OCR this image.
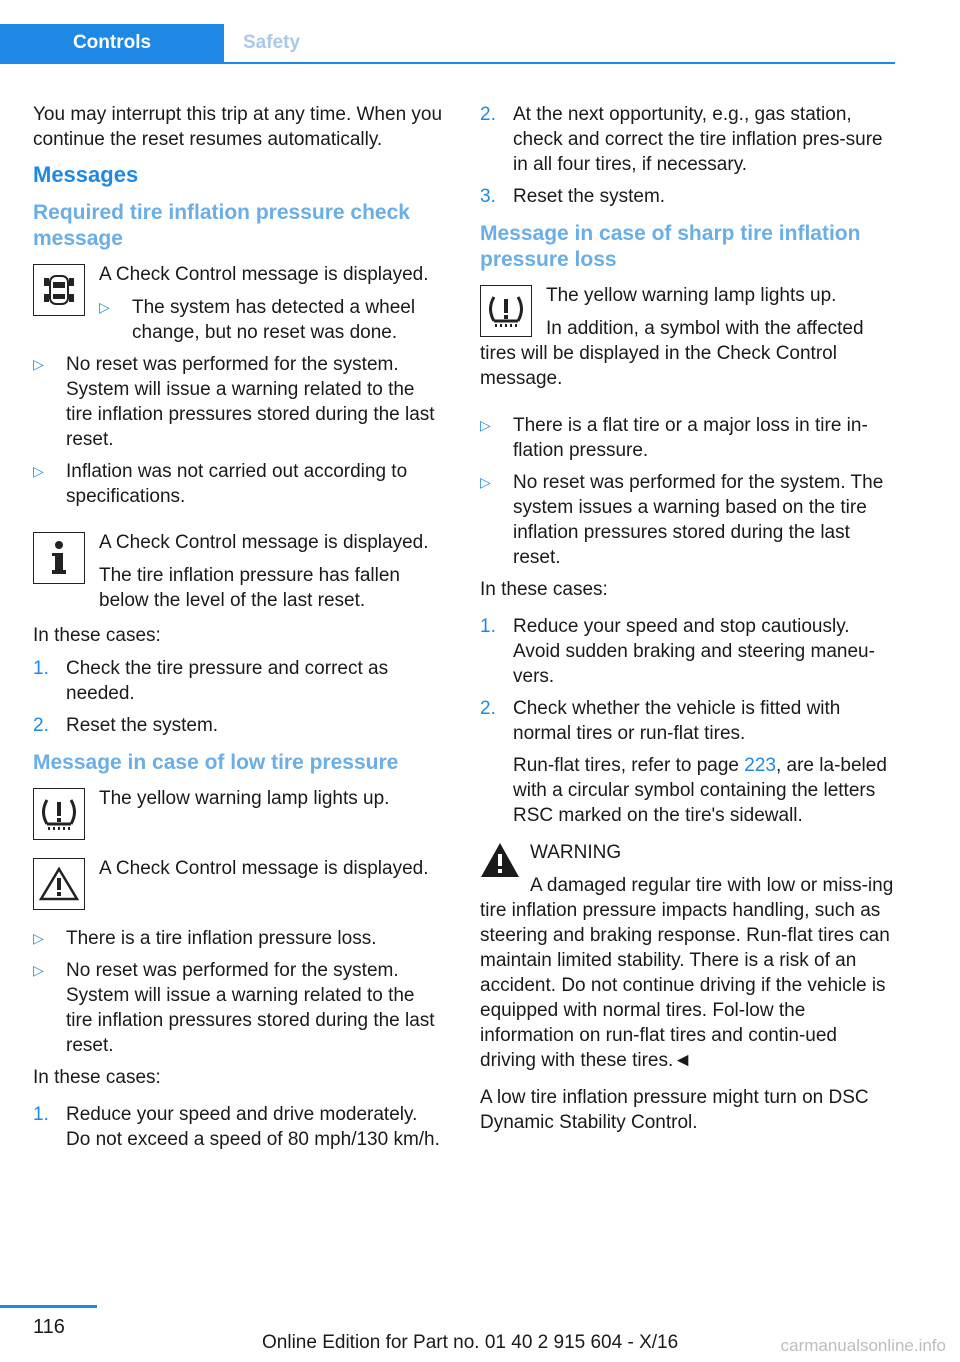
Controls	Safety

You may interrupt this trip at any time. When you continue the reset resumes automatically.

Messages
Required tire inflation pressure check message

A Check Control message is displayed.

▷ The system has detected a wheel change, but no reset was done.
▷ No reset was performed for the system. System will issue a warning related to the tire inflation pressures stored during the last reset.
▷ Inflation was not carried out according to specifications.

A Check Control message is displayed.

The tire inflation pressure has fallen below the level of the last reset.

In these cases:

1. Check the tire pressure and correct as needed.
2. Reset the system.
Message in case of low tire pressure

The yellow warning lamp lights up.

A Check Control message is displayed.

▷ There is a tire inflation pressure loss.
▷ No reset was performed for the system. System will issue a warning related to the tire inflation pressures stored during the last reset.

In these cases:

1. Reduce your speed and drive moderately. Do not exceed a speed of 80 mph/130 km/h.
2. At the next opportunity, e.g., gas station, check and correct the tire inflation pres‐sure in all four tires, if necessary.
3. Reset the system.
Message in case of sharp tire inflation pressure loss

The yellow warning lamp lights up.

In addition, a symbol with the affected tires will be displayed in the Check Control message.

▷ There is a flat tire or a major loss in tire in‐flation pressure.
▷ No reset was performed for the system. The system issues a warning based on the tire inflation pressures stored during the last reset.

In these cases:

1. Reduce your speed and stop cautiously. Avoid sudden braking and steering maneu‐vers.
2. Check whether the vehicle is fitted with normal tires or run-flat tires.
Run-flat tires, refer to page 223, are la‐beled with a circular symbol containing the letters RSC marked on the tire's sidewall.

WARNING

A damaged regular tire with low or miss‐ing tire inflation pressure impacts handling, such as steering and braking response. Run-flat tires can maintain limited stability. There is a risk of an accident. Do not continue driving if the vehicle is equipped with normal tires. Fol‐low the information on run-flat tires and contin‐ued driving with these tires.◄

A low tire inflation pressure might turn on DSC Dynamic Stability Control.

116
Online Edition for Part no. 01 40 2 915 604 - X/16	carmanualsonline.info
